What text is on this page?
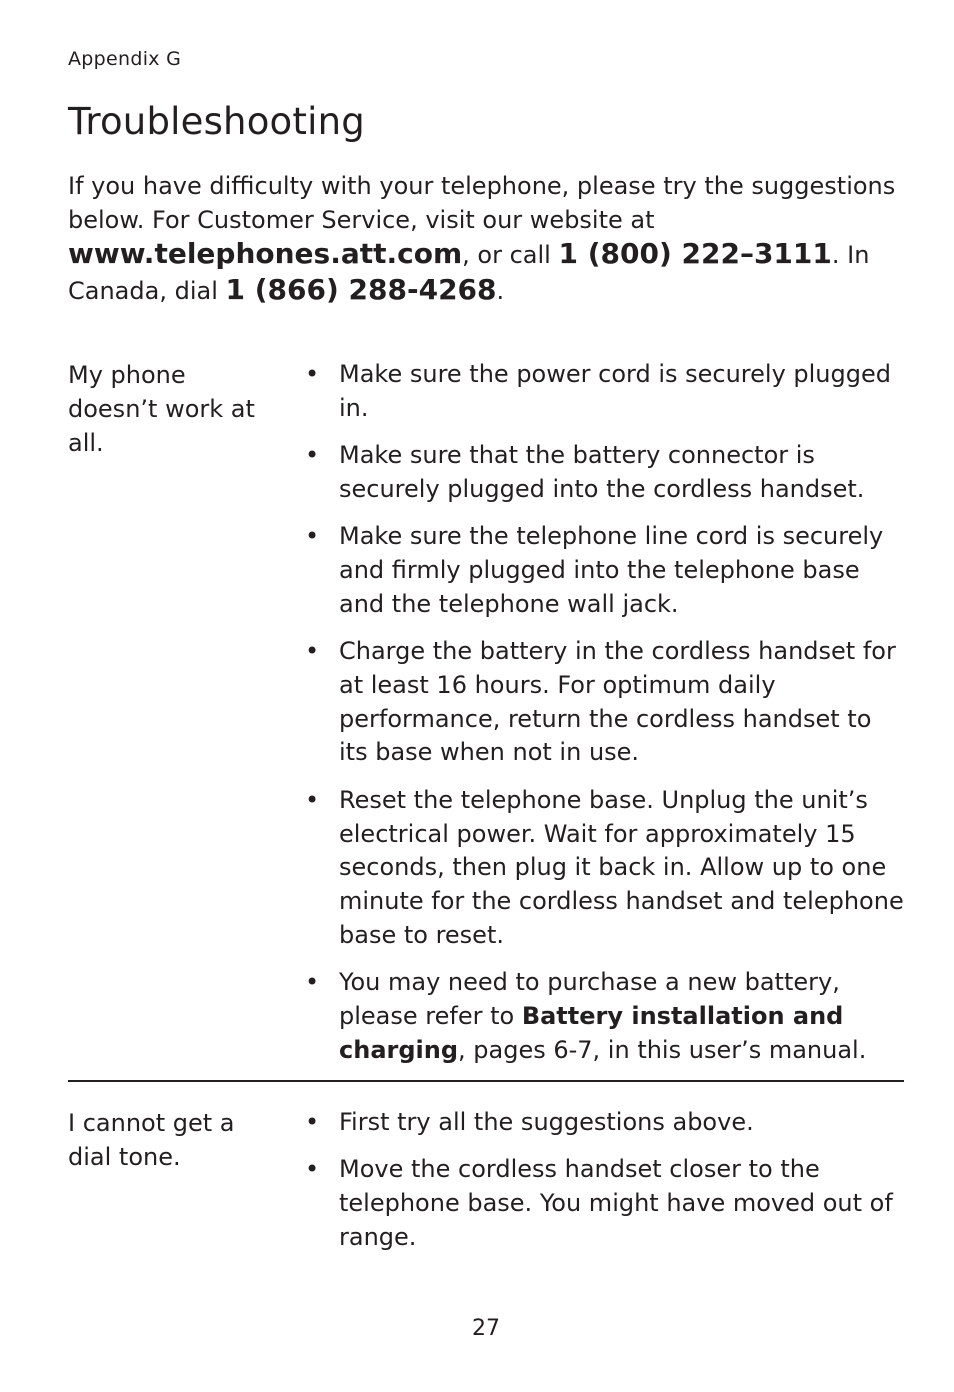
Appendix G
Troubleshooting

If you have difficulty with your telephone, please try the suggestions below. For Customer Service, visit our website at www.telephones.att.com, or call 1 (800) 222–3111. In Canada, dial 1 (866) 288-4268.

My phone doesn’t work at all.
• Make sure the power cord is securely plugged in.
• Make sure that the battery connector is securely plugged into the cordless handset.
• Make sure the telephone line cord is securely and firmly plugged into the telephone base and the telephone wall jack.
• Charge the battery in the cordless handset for at least 16 hours. For optimum daily performance, return the cordless handset to its base when not in use.
• Reset the telephone base. Unplug the unit’s electrical power. Wait for approximately 15 seconds, then plug it back in. Allow up to one minute for the cordless handset and telephone base to reset.
• You may need to purchase a new battery, please refer to Battery installation and charging, pages 6-7, in this user’s manual.
I cannot get a dial tone.
• First try all the suggestions above.
• Move the cordless handset closer to the telephone base. You might have moved out of range.
27
